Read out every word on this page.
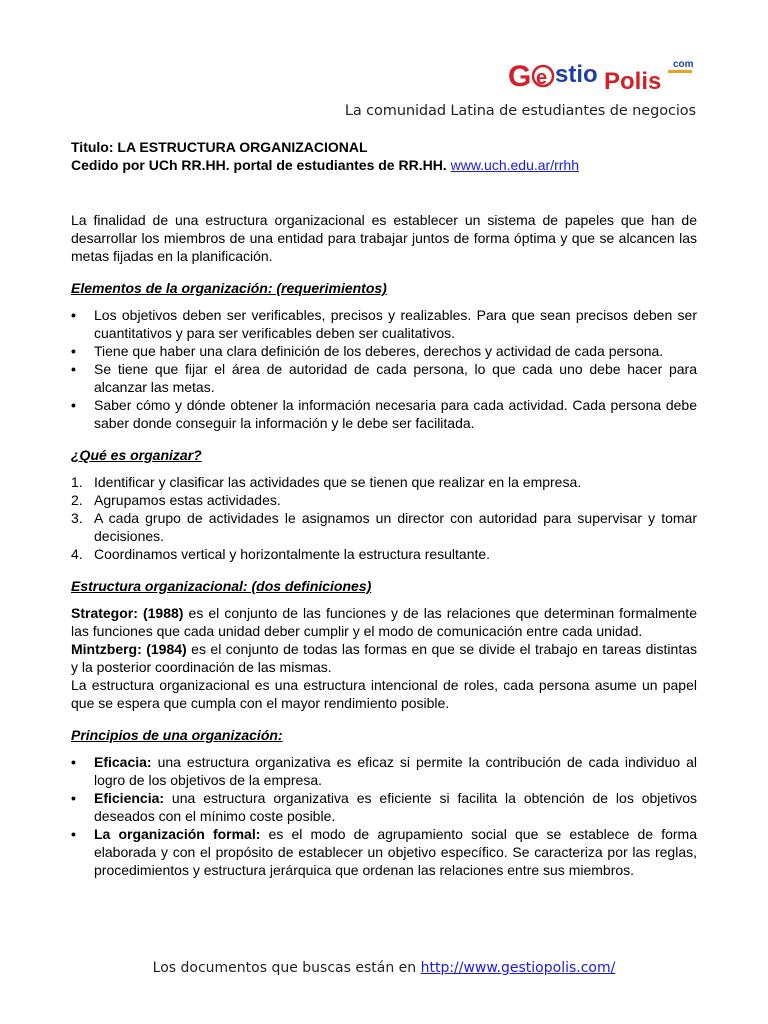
G e stio Polis
com
La comunidad Latina de estudiantes de negocios
Titulo: LA ESTRUCTURA ORGANIZACIONAL
Cedido por UCh RR.HH. portal de estudiantes de RR.HH. www.uch.edu.ar/rrhh

La finalidad de una estructura organizacional es establecer un sistema de papeles que han de desarrollar los miembros de una entidad para trabajar juntos de forma óptima y que se alcancen las metas fijadas en la planificación.

Elementos de la organización: (requerimientos)
•	Los objetivos deben ser verificables, precisos y realizables. Para que sean precisos deben ser cuantitativos y para ser verificables deben ser cualitativos.
•	Tiene que haber una clara definición de los deberes, derechos y actividad de cada persona.
•	Se tiene que fijar el área de autoridad de cada persona, lo que cada uno debe hacer para alcanzar las metas.
•	Saber cómo y dónde obtener la información necesaria para cada actividad. Cada persona debe saber donde conseguir la información y le debe ser facilitada.
¿Qué es organizar?
1. Identificar y clasificar las actividades que se tienen que realizar en la empresa.
2. Agrupamos estas actividades.
3. A cada grupo de actividades le asignamos un director con autoridad para supervisar y tomar decisiones.
4. Coordinamos vertical y horizontalmente la estructura resultante.
Estructura organizacional: (dos definiciones)

Strategor: (1988) es el conjunto de las funciones y de las relaciones que determinan formalmente las funciones que cada unidad deber cumplir y el modo de comunicación entre cada unidad.

Mintzberg: (1984) es el conjunto de todas las formas en que se divide el trabajo en tareas distintas y la posterior coordinación de las mismas.

La estructura organizacional es una estructura intencional de roles, cada persona asume un papel que se espera que cumpla con el mayor rendimiento posible.

Principios de una organización:
•	Eficacia: una estructura organizativa es eficaz si permite la contribución de cada individuo al logro de los objetivos de la empresa.
•	Eficiencia: una estructura organizativa es eficiente si facilita la obtención de los objetivos deseados con el mínimo coste posible.
•	La organización formal: es el modo de agrupamiento social que se establece de forma elaborada y con el propósito de establecer un objetivo específico. Se caracteriza por las reglas, procedimientos y estructura jerárquica que ordenan las relaciones entre sus miembros.
Los documentos que buscas están en http://www.gestiopolis.com/
